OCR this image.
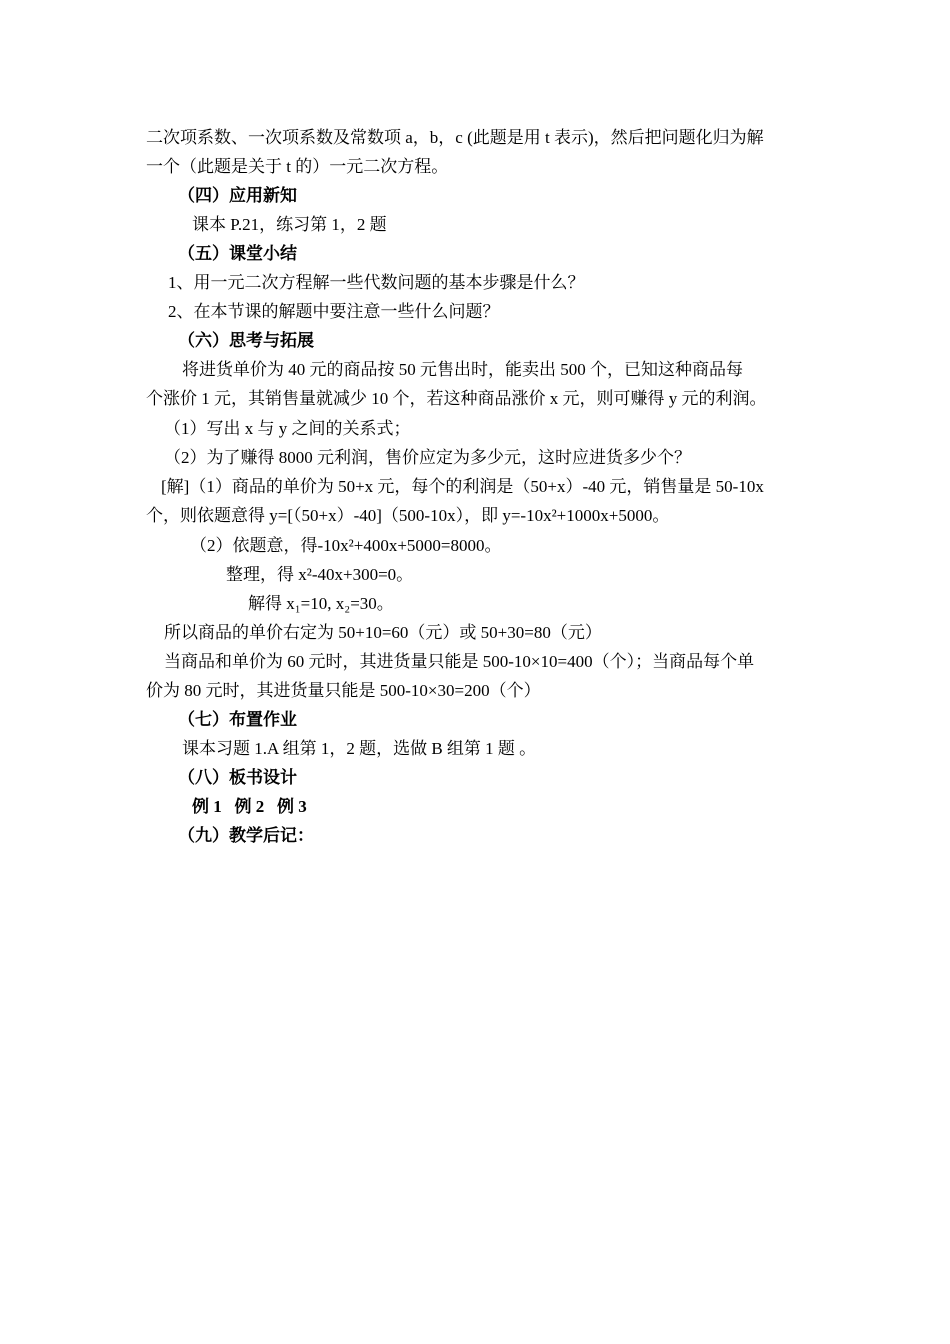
二次项系数、一次项系数及常数项 a，b，c (此题是用 t 表示)，然后把问题化归为解
一个（此题是关于 t 的）一元二次方程。
（四）应用新知
课本 P.21，练习第 1，2 题
（五）课堂小结
1、用一元二次方程解一些代数问题的基本步骤是什么？
2、在本节课的解题中要注意一些什么问题？
（六）思考与拓展
将进货单价为 40 元的商品按 50 元售出时，能卖出 500 个，已知这种商品每
个涨价 1 元，其销售量就减少 10 个，若这种商品涨价 x 元，则可赚得 y 元的利润。
（1）写出 x 与 y 之间的关系式；
（2）为了赚得 8000 元利润，售价应定为多少元，这时应进货多少个？
[解]（1）商品的单价为 50+x 元，每个的利润是（50+x）-40 元，销售量是 50-10x
个，则依题意得 y=[（50+x）-40]（500-10x），即 y=-10x²+1000x+5000。
（2）依题意，得-10x²+400x+5000=8000。
整理，得 x²-40x+300=0。
解得 x₁=10, x₂=30。
所以商品的单价右定为 50+10=60（元）或 50+30=80（元）
当商品和单价为 60 元时，其进货量只能是 500-10×10=400（个）；当商品每个单
价为 80 元时，其进货量只能是 500-10×30=200（个）
（七）布置作业
课本习题 1.A 组第 1，2 题，选做 B 组第 1 题 。
（八）板书设计
例 1   例 2   例 3
（九）教学后记：
